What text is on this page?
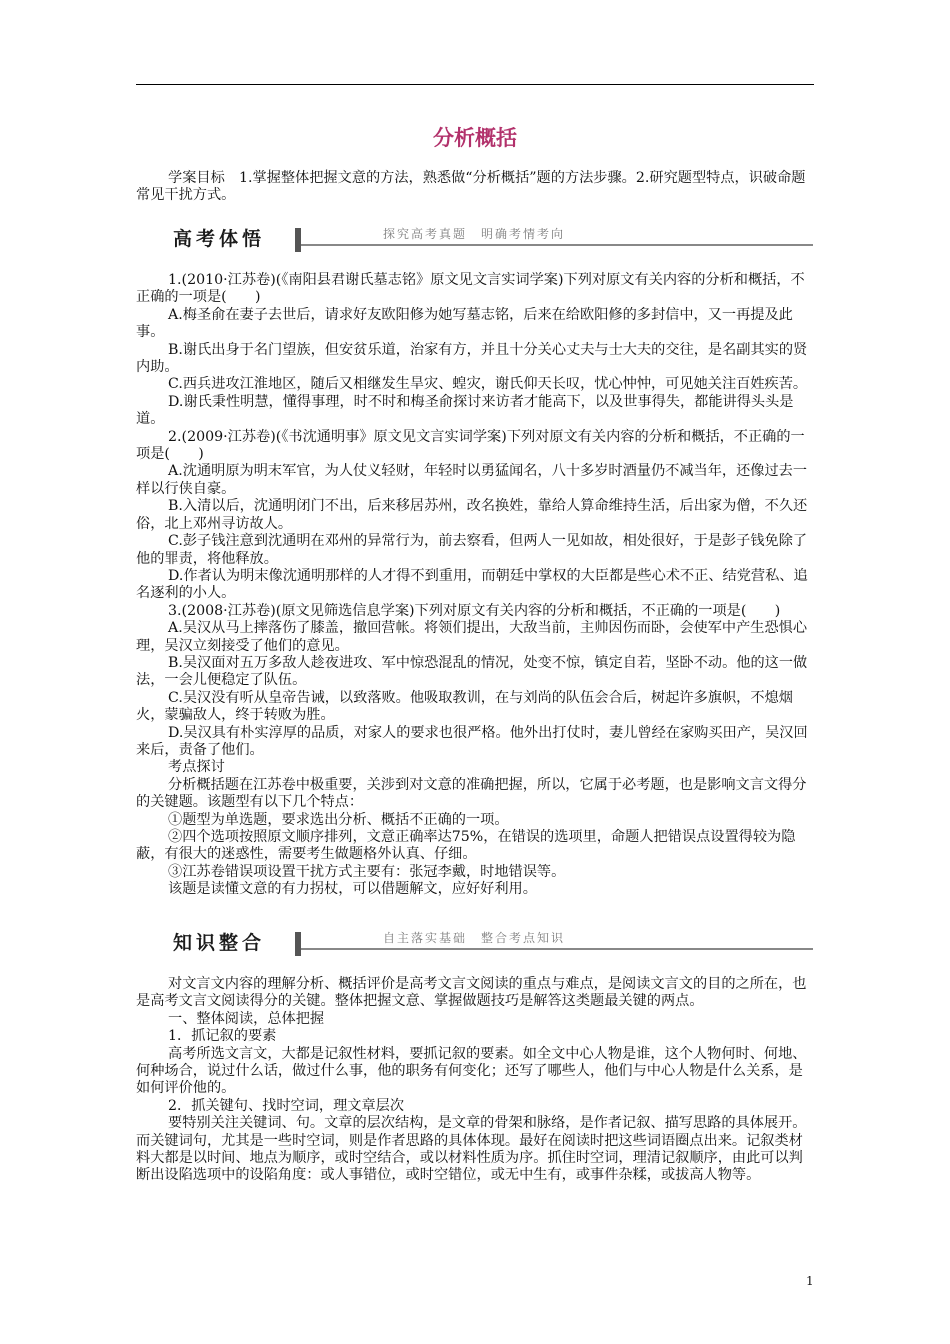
分析概括

学案目标　1.掌握整体把握文意的方法，熟悉做“分析概括”题的方法步骤。2.研究题型特点，识破命题常见干扰方式。

高考体悟	探究高考真题　明确考情考向

1.(2010·江苏卷)(《南阳县君谢氏墓志铭》原文见文言实词学案)下列对原文有关内容的分析和概括，不正确的一项是(　　)

A.梅圣俞在妻子去世后，请求好友欧阳修为她写墓志铭，后来在给欧阳修的多封信中，又一再提及此事。

B.谢氏出身于名门望族，但安贫乐道，治家有方，并且十分关心丈夫与士大夫的交往，是名副其实的贤内助。

C.西兵进攻江淮地区，随后又相继发生旱灾、蝗灾，谢氏仰天长叹，忧心忡忡，可见她关注百姓疾苦。

D.谢氏秉性明慧，懂得事理，时不时和梅圣俞探讨来访者才能高下，以及世事得失，都能讲得头头是道。

2.(2009·江苏卷)(《书沈通明事》原文见文言实词学案)下列对原文有关内容的分析和概括，不正确的一项是(　　)

A.沈通明原为明末军官，为人仗义轻财，年轻时以勇猛闻名，八十多岁时酒量仍不减当年，还像过去一样以行侠自豪。

B.入清以后，沈通明闭门不出，后来移居苏州，改名换姓，靠给人算命维持生活，后出家为僧，不久还俗，北上邓州寻访故人。

C.彭子钱注意到沈通明在邓州的异常行为，前去察看，但两人一见如故，相处很好，于是彭子钱免除了他的罪责，将他释放。

D.作者认为明末像沈通明那样的人才得不到重用，而朝廷中掌权的大臣都是些心术不正、结党营私、追名逐利的小人。

3.(2008·江苏卷)(原文见筛选信息学案)下列对原文有关内容的分析和概括，不正确的一项是(　　)

A.吴汉从马上摔落伤了膝盖，撤回营帐。将领们提出，大敌当前，主帅因伤而卧，会使军中产生恐惧心理，吴汉立刻接受了他们的意见。

B.吴汉面对五万多敌人趁夜进攻、军中惊恐混乱的情况，处变不惊，镇定自若，坚卧不动。他的这一做法，一会儿便稳定了队伍。

C.吴汉没有听从皇帝告诫，以致落败。他吸取教训，在与刘尚的队伍会合后，树起许多旗帜，不熄烟火，蒙骗敌人，终于转败为胜。

D.吴汉具有朴实淳厚的品质，对家人的要求也很严格。他外出打仗时，妻儿曾经在家购买田产，吴汉回来后，责备了他们。

考点探讨

分析概括题在江苏卷中极重要，关涉到对文意的准确把握，所以，它属于必考题，也是影响文言文得分的关键题。该题型有以下几个特点：

①题型为单选题，要求选出分析、概括不正确的一项。

②四个选项按照原文顺序排列，文意正确率达75%，在错误的选项里，命题人把错误点设置得较为隐蔽，有很大的迷惑性，需要考生做题格外认真、仔细。

③江苏卷错误项设置干扰方式主要有：张冠李戴，时地错误等。

该题是读懂文意的有力拐杖，可以借题解文，应好好利用。

知识整合	自主落实基础　整合考点知识

对文言文内容的理解分析、概括评价是高考文言文阅读的重点与难点，是阅读文言文的目的之所在，也是高考文言文阅读得分的关键。整体把握文意、掌握做题技巧是解答这类题最关键的两点。

一、整体阅读，总体把握

1．抓记叙的要素

高考所选文言文，大都是记叙性材料，要抓记叙的要素。如全文中心人物是谁，这个人物何时、何地、何种场合，说过什么话，做过什么事，他的职务有何变化；还写了哪些人，他们与中心人物是什么关系，是如何评价他的。

2．抓关键句、找时空词，理文章层次

要特别关注关键词、句。文章的层次结构，是文章的骨架和脉络，是作者记叙、描写思路的具体展开。而关键词句，尤其是一些时空词，则是作者思路的具体体现。最好在阅读时把这些词语圈点出来。记叙类材料大都是以时间、地点为顺序，或时空结合，或以材料性质为序。抓住时空词，理清记叙顺序，由此可以判断出设陷选项中的设陷角度：或人事错位，或时空错位，或无中生有，或事件杂糅，或拔高人物等。

1
